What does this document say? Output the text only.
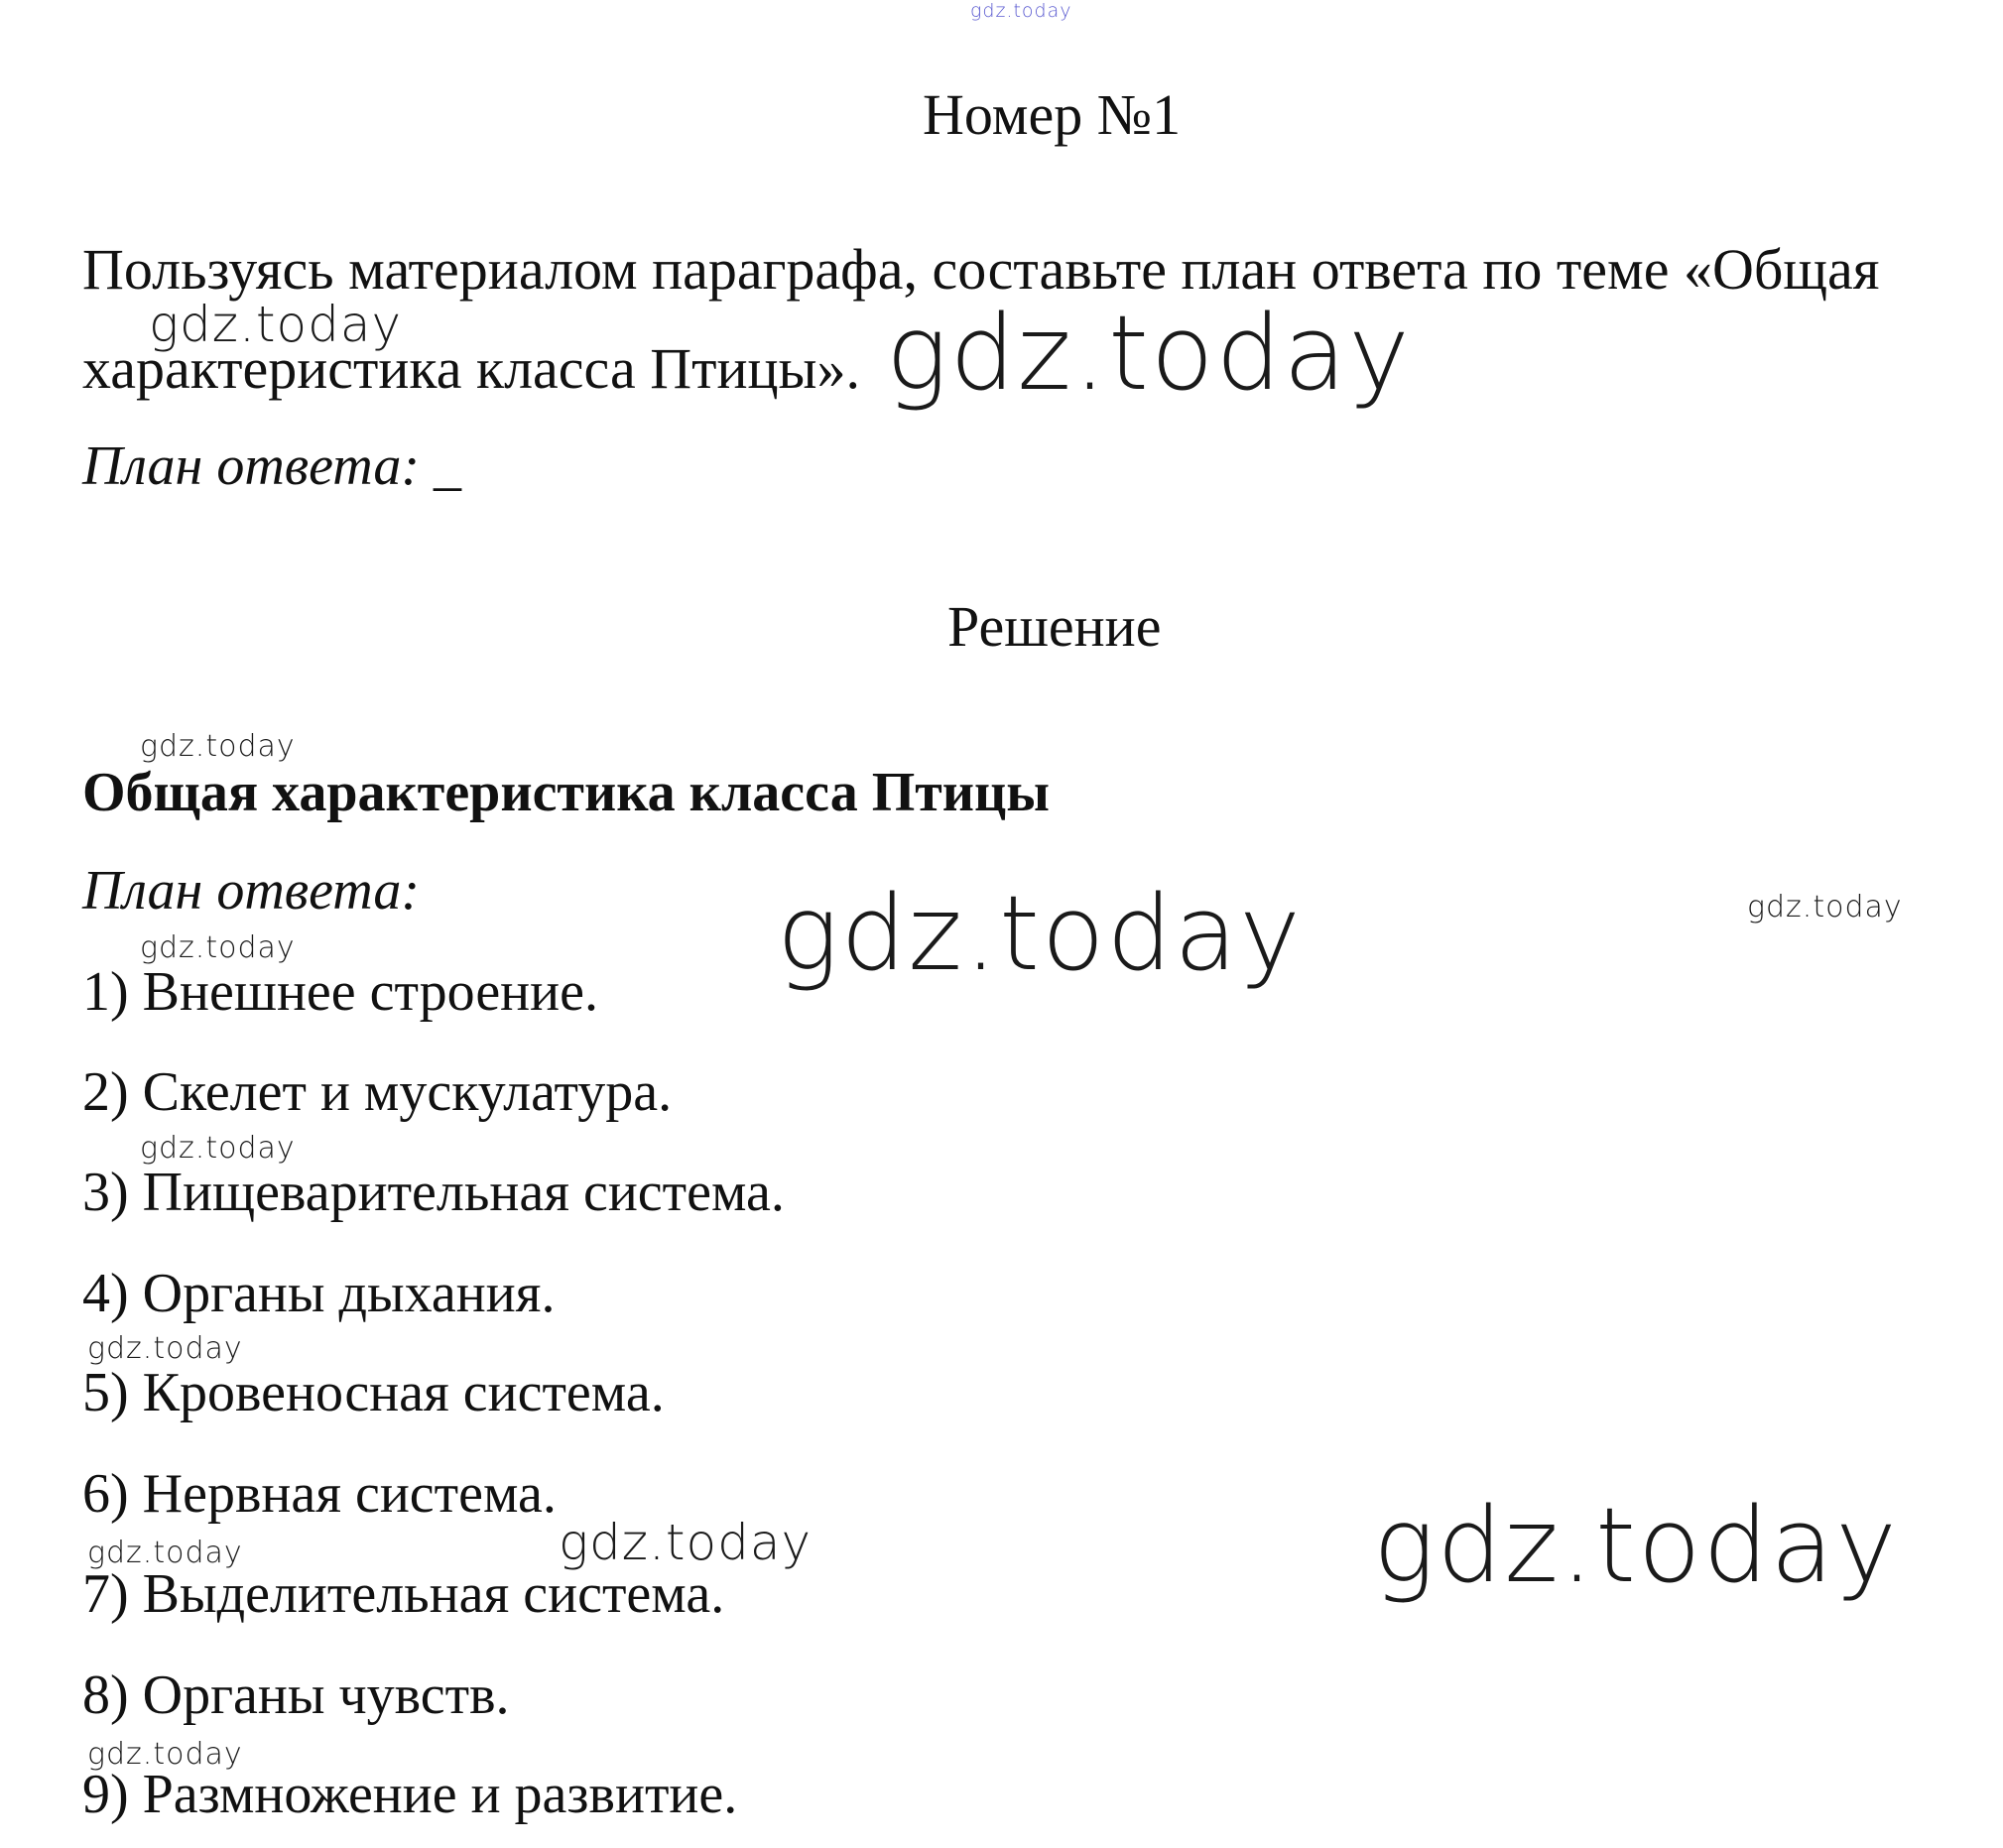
gdz.today
gdz.today	gdz.today
gdz.today
gdz.today	gdz.today
gdz.today
gdz.today
gdz.today
gdz.today	gdz.today	gdz.today
gdz.today
Номер №1
Пользуясь материалом параграфа, составьте план ответа по теме «Общая
характеристика класса Птицы».
План ответа: _
Решение
Общая характеристика класса Птицы
План ответа:
1) Внешнее строение.
2) Скелет и мускулатура.
3) Пищеварительная система.
4) Органы дыхания.
5) Кровеносная система.
6) Нервная система.
7) Выделительная система.
8) Органы чувств.
9) Размножение и развитие.
